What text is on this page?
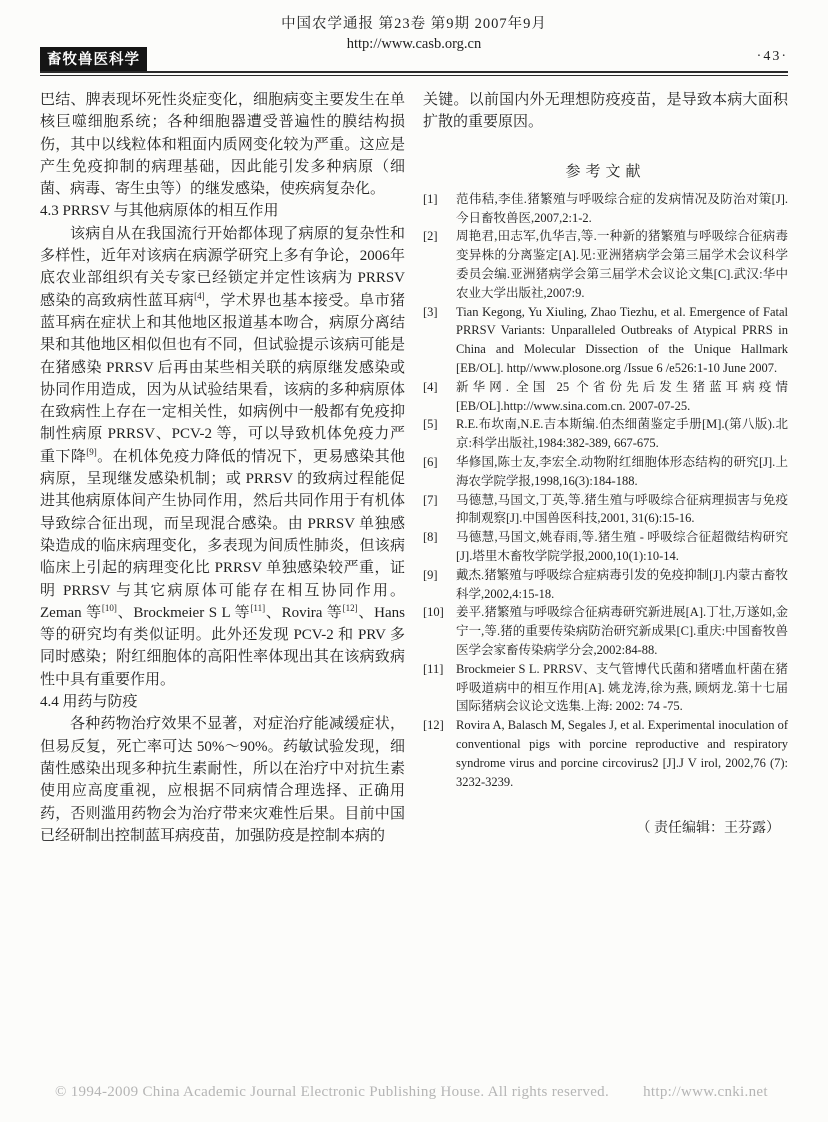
中国农学通报 第23卷 第9期 2007年9月
http://www.casb.org.cn
畜牧兽医科学	·43·

巴结、脾表现坏死性炎症变化，细胞病变主要发生在单核巨噬细胞系统；各种细胞器遭受普遍性的膜结构损伤，其中以线粒体和粗面内质网变化较为严重。这应是产生免疫抑制的病理基础，因此能引发多种病原（细菌、病毒、寄生虫等）的继发感染，使疾病复杂化。

4.3 PRRSV 与其他病原体的相互作用

该病自从在我国流行开始都体现了病原的复杂性和多样性，近年对该病在病源学研究上多有争论，2006年底农业部组织有关专家已经锁定并定性该病为 PRRSV 感染的高致病性蓝耳病[4]，学术界也基本接受。阜市猪蓝耳病在症状上和其他地区报道基本吻合，病原分离结果和其他地区相似但也有不同，但试验提示该病可能是在猪感染 PRRSV 后再由某些相关联的病原继发感染或协同作用造成，因为从试验结果看，该病的多种病原体在致病性上存在一定相关性，如病例中一般都有免疫抑制性病原 PRRSV、PCV-2 等，可以导致机体免疫力严重下降[9]。在机体免疫力降低的情况下，更易感染其他病原，呈现继发感染机制；或 PRRSV 的致病过程能促进其他病原体间产生协同作用，然后共同作用于有机体导致综合征出现，而呈现混合感染。由 PRRSV 单独感染造成的临床病理变化，多表现为间质性肺炎，但该病临床上引起的病理变化比 PRRSV 单独感染较严重，证明 PRRSV 与其它病原体可能存在相互协同作用。Zeman 等[10]、Brockmeier S L 等[11]、Rovira 等[12]、Hans 等的研究均有类似证明。此外还发现 PCV-2 和 PRV 多同时感染；附红细胞体的高阳性率体现出其在该病致病性中具有重要作用。

4.4 用药与防疫

各种药物治疗效果不显著，对症治疗能减缓症状，但易反复，死亡率可达 50%～90%。药敏试验发现，细菌性感染出现多种抗生素耐性，所以在治疗中对抗生素使用应高度重视，应根据不同病情合理选择、正确用药，否则滥用药物会为治疗带来灾难性后果。目前中国已经研制出控制蓝耳病疫苗，加强防疫是控制本病的

关键。以前国内外无理想防疫疫苗，是导致本病大面积扩散的重要原因。

参考文献
[1]	范伟秸,李佳.猪繁殖与呼吸综合症的发病情况及防治对策[J].今日畜牧兽医,2007,2:1-2.
[2]	周艳君,田志军,仇华吉,等.一种新的猪繁殖与呼吸综合征病毒变异株的分离鉴定[A].见:亚洲猪病学会第三届学术会议科学委员会编.亚洲猪病学会第三届学术会议论文集[C].武汉:华中农业大学出版社,2007:9.
[3]	Tian Kegong, Yu Xiuling, Zhao Tiezhu, et al. Emergence of Fatal PRRSV Variants: Unparalleled Outbreaks of Atypical PRRS in China and Molecular Dissection of the Unique Hallmark [EB/OL]. http//www.plosone.org /Issue 6 /e526:1-10 June 2007.
[4]	新华网. 全国 25 个省份先后发生猪蓝耳病疫情[EB/OL].http://www.sina.com.cn. 2007-07-25.
[5]	R.E.布坎南,N.E.吉本斯编.伯杰细菌鉴定手册[M].(第八版).北京:科学出版社,1984:382-389, 667-675.
[6]	华修国,陈士友,李宏全.动物附红细胞体形态结构的研究[J].上海农学院学报,1998,16(3):184-188.
[7]	马德慧,马国文,丁英,等.猪生殖与呼吸综合征病理损害与免疫抑制观察[J].中国兽医科技,2001, 31(6):15-16.
[8]	马德慧,马国文,姚春雨,等.猪生殖 - 呼吸综合征超微结构研究[J].塔里木畜牧学院学报,2000,10(1):10-14.
[9]	戴杰.猪繁殖与呼吸综合症病毒引发的免疫抑制[J].内蒙古畜牧科学,2002,4:15-18.
[10] 姜平.猪繁殖与呼吸综合征病毒研究新进展[A].丁壮,万遂如,金宁一,等.猪的重要传染病防治研究新成果[C].重庆:中国畜牧兽医学会家畜传染病学分会,2002:84-88.
[11]	Brockmeier S L. PRRSV、支气管博代氏菌和猪嗜血杆菌在猪呼吸道病中的相互作用[A]. 姚龙涛,徐为燕, 顾炳龙.第十七届国际猪病会议论文选集.上海: 2002: 74 -75.
[12] Rovira A, Balasch M, Segales J, et al. Experimental inoculation of conventional pigs with porcine reproductive and respiratory syndrome virus and porcine circovirus2 [J].J V irol, 2002,76 (7): 3232-3239.
（ 责任编辑：王芬露）
© 1994-2009 China Academic Journal Electronic Publishing House. All rights reserved. http://www.cnki.net
